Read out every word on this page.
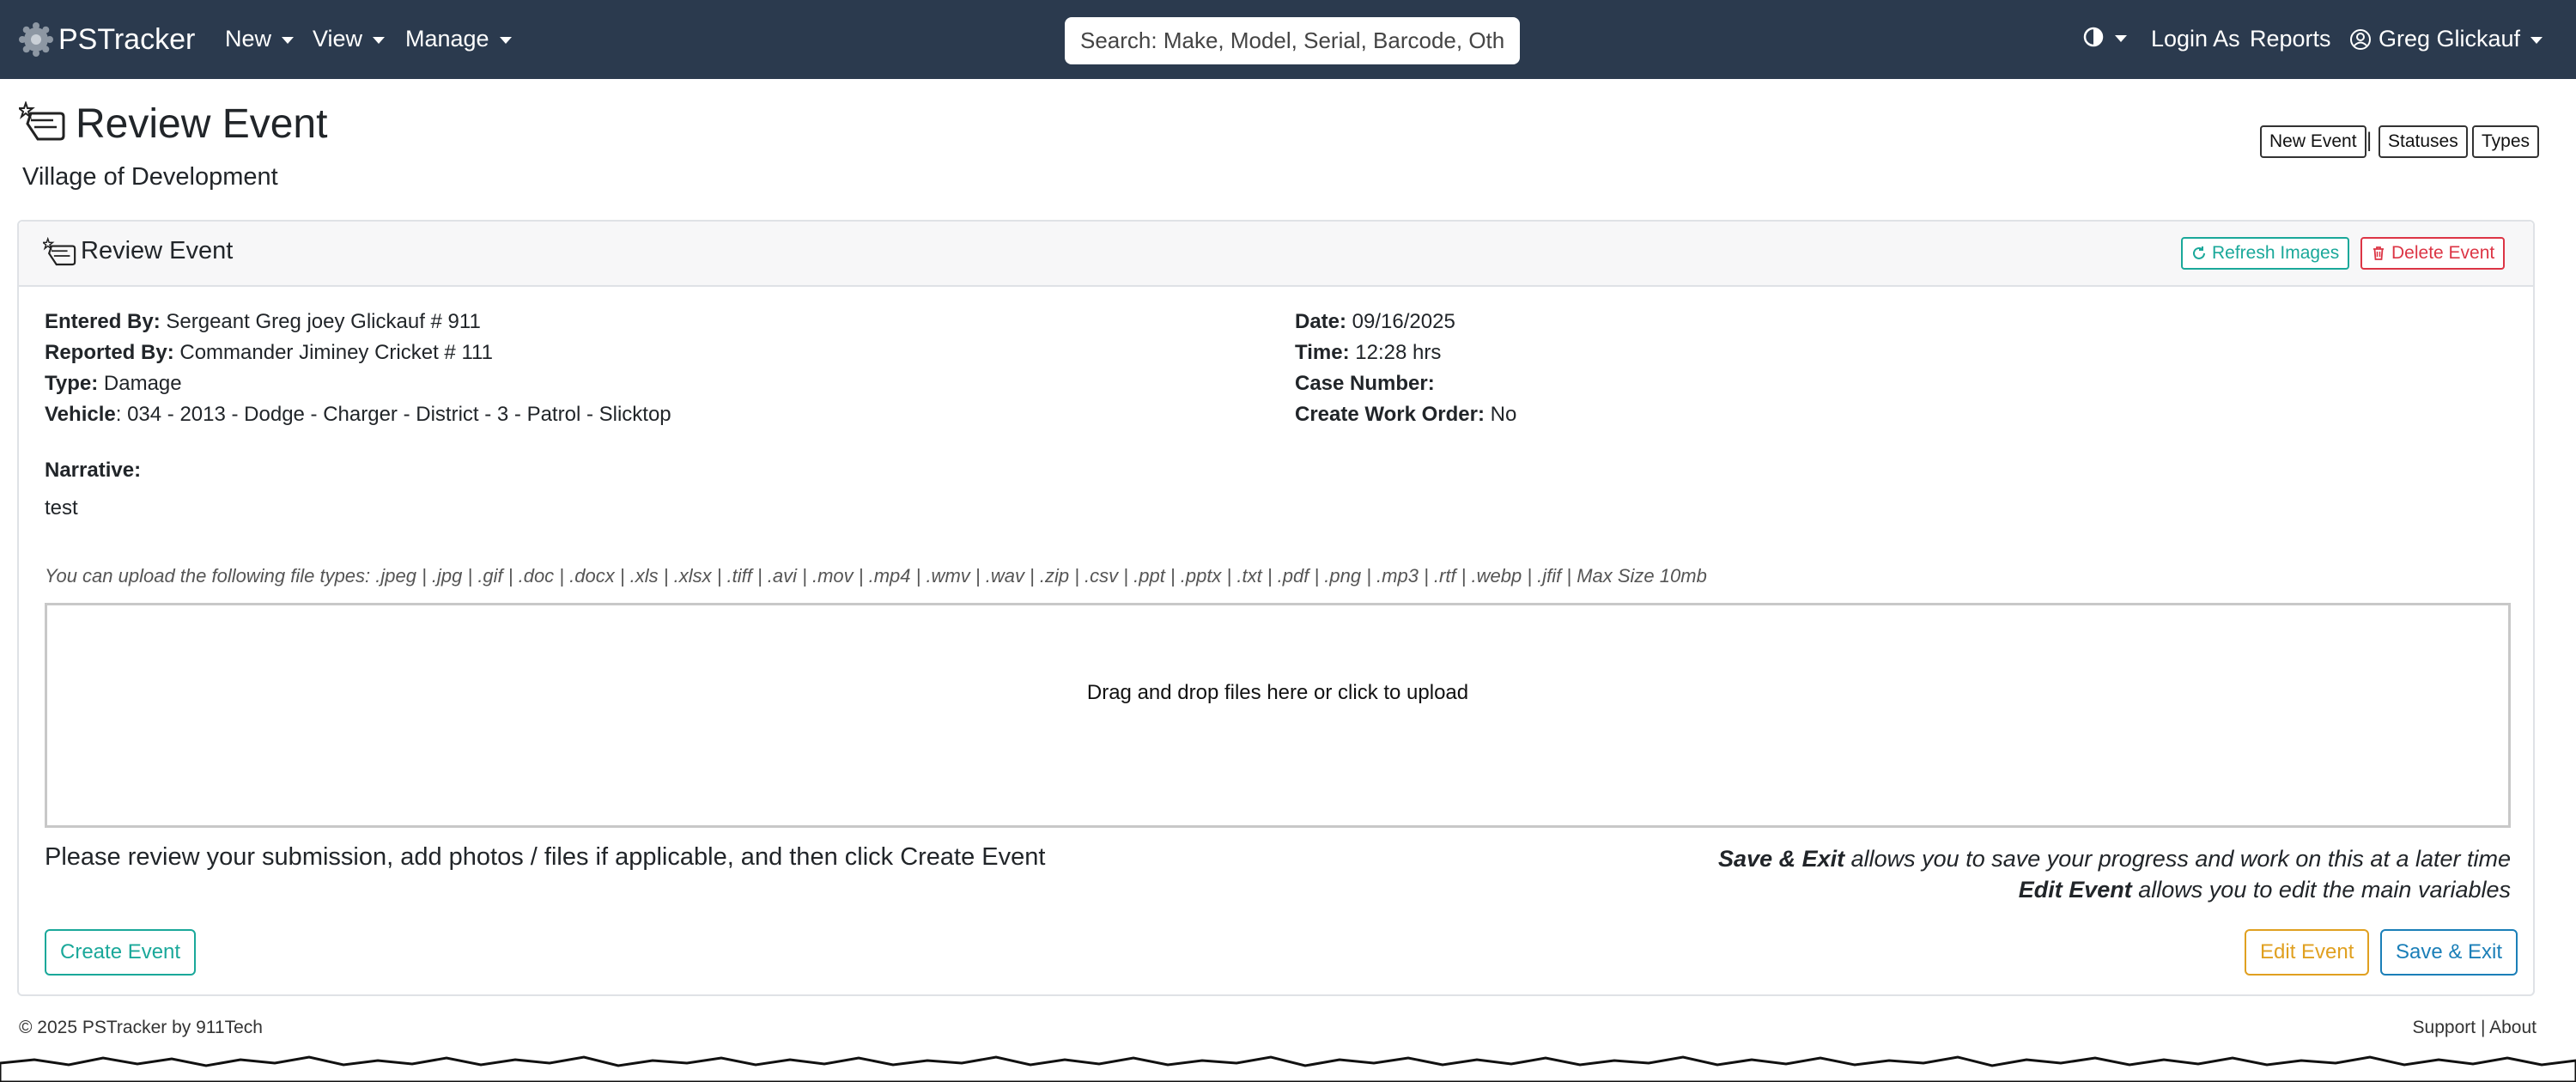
PSTracker New View Manage
Search: Make, Model, Serial, Barcode, Other1,	Login As Reports Greg Glickauf
Review Event
Village of Development
New Event | Statuses	Types
Review Event	Refresh Images	Delete Event
Entered By: Sergeant Greg joey Glickauf # 911
Reported By: Commander Jiminey Cricket # 111
Type: Damage
Vehicle: 034 - 2013 - Dodge - Charger - District - 3 - Patrol - Slicktop
Date: 09/16/2025
Time: 12:28 hrs
Case Number:
Create Work Order: No
Narrative:
test
You can upload the following file types: .jpeg | .jpg | .gif | .doc | .docx | .xls | .xlsx | .tiff | .avi | .mov | .mp4 | .wmv | .wav | .zip | .csv | .ppt | .pptx | .txt | .pdf | .png | .mp3 | .rtf | .webp | .jfif | Max Size 10mb
Drag and drop files here or click to upload
Please review your submission, add photos / files if applicable, and then click Create Event	Save & Exit allows you to save your progress and work on this at a later time
Edit Event allows you to edit the main variables
Create Event	Edit Event	Save & Exit
© 2025 PSTracker by 911Tech	Support | About
